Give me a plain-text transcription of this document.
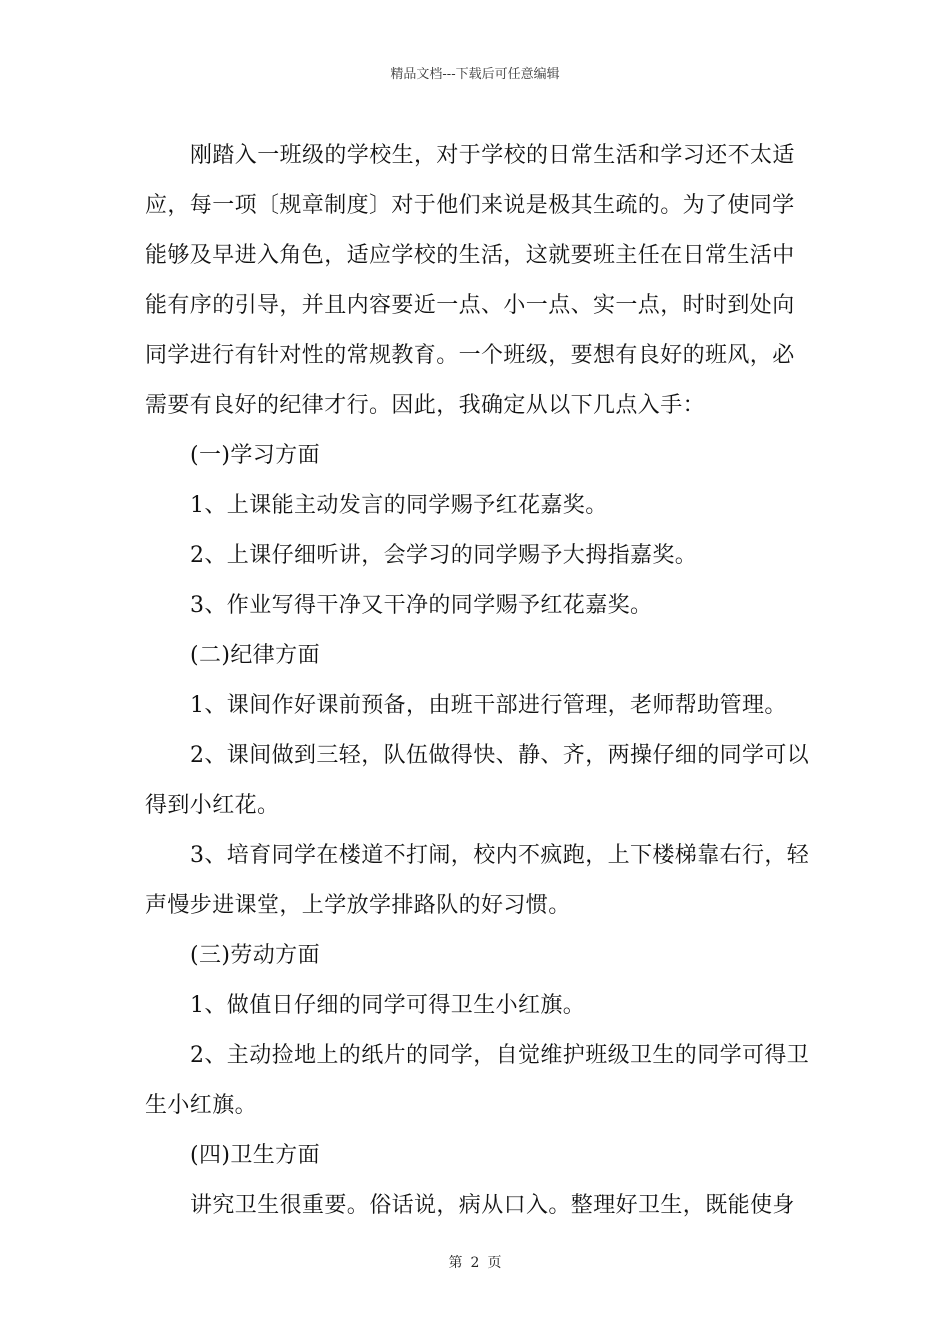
精品文档---下载后可任意编辑

刚踏入一班级的学校生，对于学校的日常生活和学习还不太适

应，每一项〔规章制度〕对于他们来说是极其生疏的。为了使同学

能够及早进入角色，适应学校的生活，这就要班主任在日常生活中

能有序的引导，并且内容要近一点、小一点、实一点，时时到处向

同学进行有针对性的常规教育。一个班级，要想有良好的班风，必

需要有良好的纪律才行。因此，我确定从以下几点入手：

(一)学习方面

1、上课能主动发言的同学赐予红花嘉奖。

2、上课仔细听讲，会学习的同学赐予大拇指嘉奖。

3、作业写得干净又干净的同学赐予红花嘉奖。

(二)纪律方面

1、课间作好课前预备，由班干部进行管理，老师帮助管理。

2、课间做到三轻，队伍做得快、静、齐，两操仔细的同学可以

得到小红花。

3、培育同学在楼道不打闹，校内不疯跑，上下楼梯靠右行，轻

声慢步进课堂，上学放学排路队的好习惯。

(三)劳动方面

1、做值日仔细的同学可得卫生小红旗。

2、主动捡地上的纸片的同学，自觉维护班级卫生的同学可得卫

生小红旗。

(四)卫生方面

讲究卫生很重要。俗话说，病从口入。整理好卫生，既能使身

第 2 页
